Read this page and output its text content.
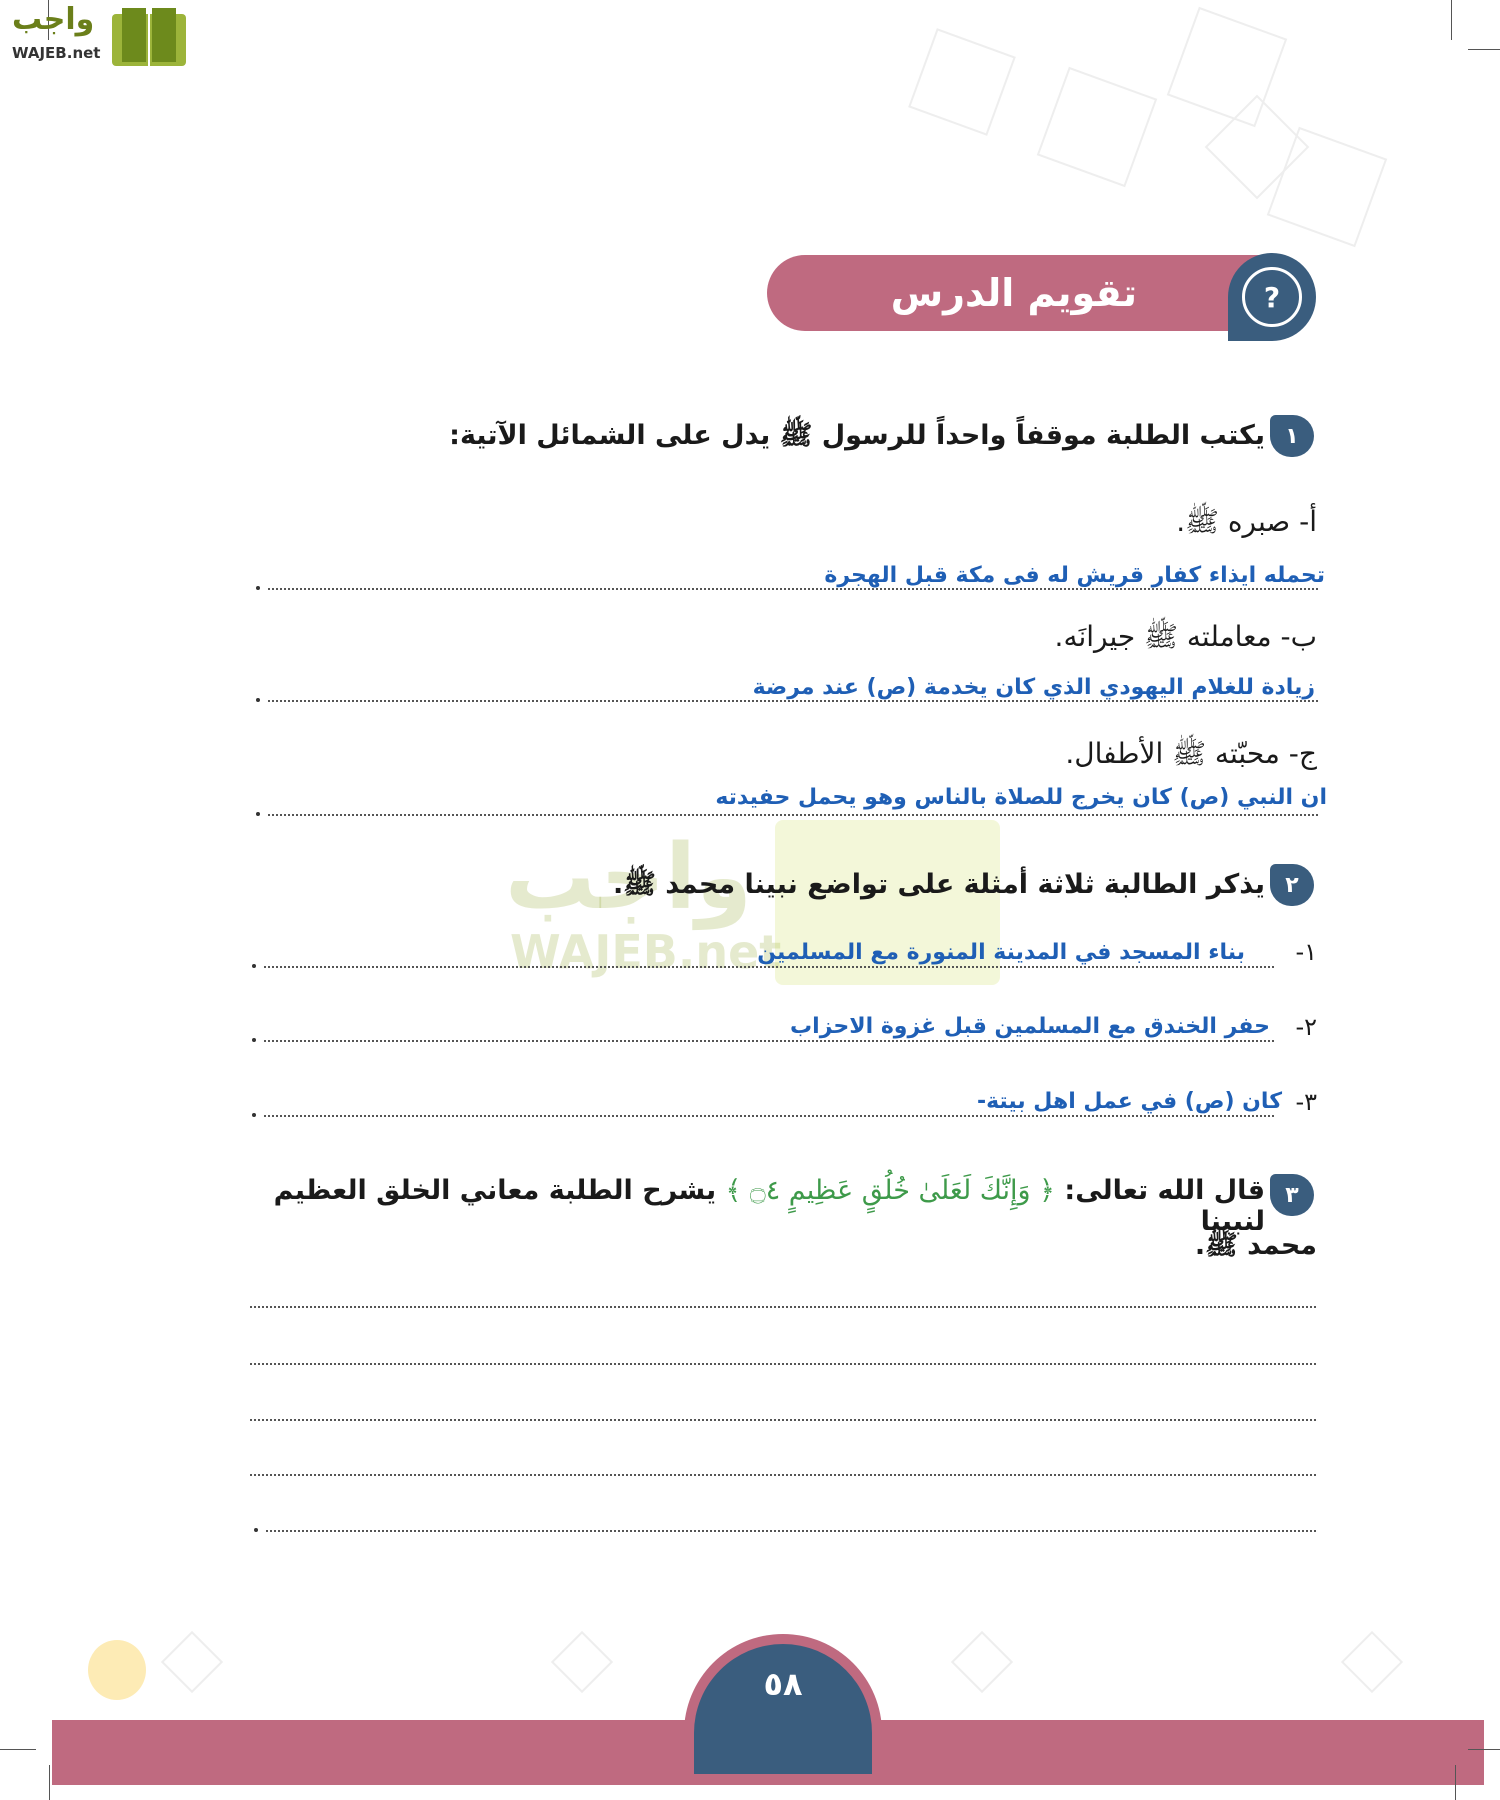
واجب
WAJEB.net
تقويم الدرس الخامس
?
١
يكتب الطلبة موقفاً واحداً للرسول ﷺ يدل على الشمائل الآتية:
أ- صبره ﷺ.
تحمله ايذاء كفار قريش له فى مكة قبل الهجرة
ب- معاملته ﷺ جيرانَه.
زيادة للغلام اليهودي الذي كان يخدمة (ص) عند مرضة
ج- محبّته ﷺ الأطفال.
ان النبي (ص) كان يخرج للصلاة بالناس وهو يحمل حفيدته
واجب
WAJEB.net
٢
يذكر الطالبة ثلاثة أمثلة على تواضع نبينا محمد ﷺ.
١-
بناء المسجد في المدينة المنورة مع المسلمين
٢-
حفر الخندق مع المسلمين قبل غزوة الاحزاب
٣-
كان (ص) في عمل اهل بيتة-
٣
قال الله تعالى: ﴿ وَإِنَّكَ لَعَلَىٰ خُلُقٍ عَظِيمٍ ۝٤ ﴾ يشرح الطلبة معاني الخلق العظيم لنبينا
محمد ﷺ.
٥٨
